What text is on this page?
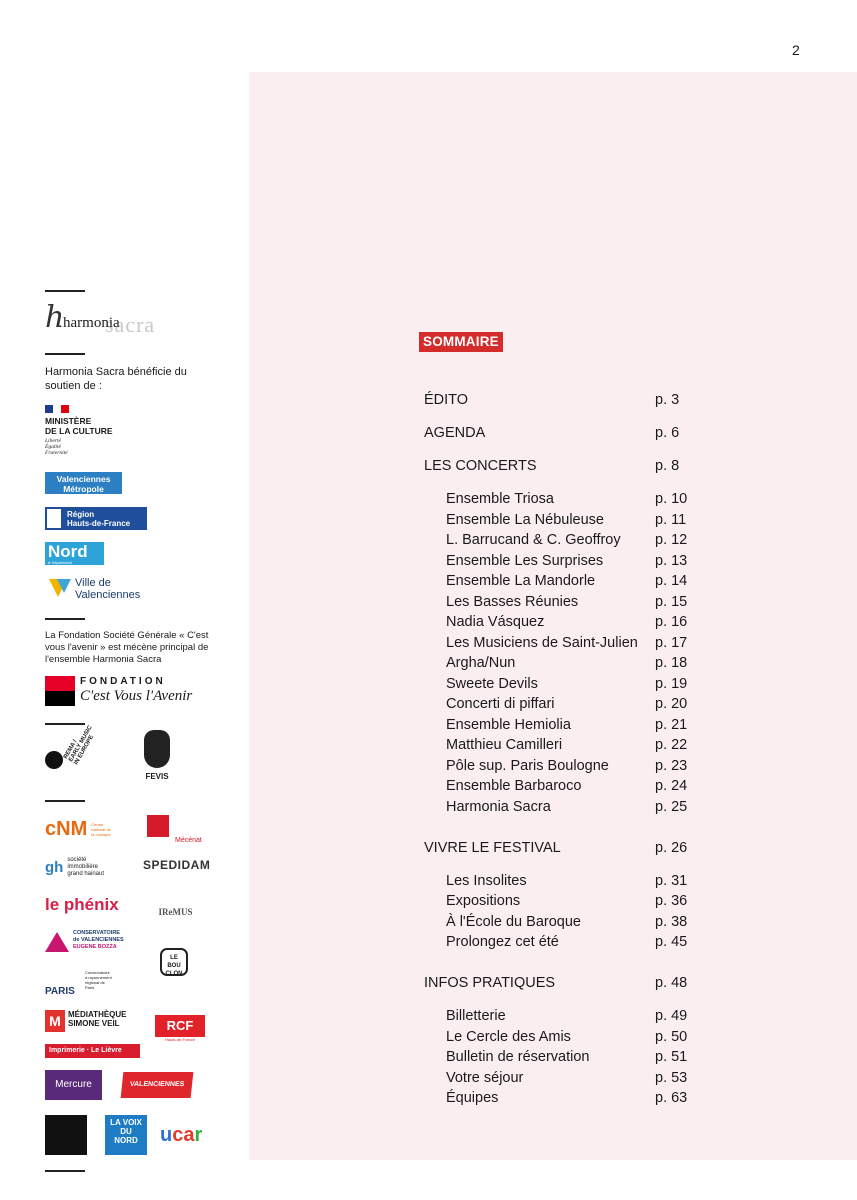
2
sacra
h
harmonia
Harmonia Sacra bénéficie du soutien de :
MINISTÈRE
DE LA CULTURE
Liberté
Égalité
Fraternité
Valenciennes
Métropole
Région
Hauts-de-France
Nord
le Département
Ville de
Valenciennes
La Fondation Société Générale « C'est vous l'avenir » est mécène principal de l'ensemble Harmonia Sacra
FONDATION
C'est Vous l'Avenir
REMA / EARLY MUSIC
IN EUROPE
FEVIS
cNM Centre
national de
la musique
Mécénat
gh société
immobilière
grand hainaut
SPEDIDAM
le phénix	IReMUS
CONSERVATOIRE
de VALENCIENNES
EUGENE BOZZA
LE
BOU
CLON
PARIS
Conservatoire
à rayonnement
régional de
Paris
M MÉDIATHÈQUE
SIMONE VEIL	RCF
Hauts-de-France
Imprimerie · Le Lièvre
Mercure	VALENCIENNES
LA VOIX
DU
NORD	ucar
SOMMAIRE
ÉDITO	p. 3
AGENDA	p. 6
LES CONCERTS	p. 8
Ensemble Triosa	p. 10
Ensemble La Nébuleuse	p. 11
L. Barrucand & C. Geoffroy p. 12
Ensemble Les Surprises	p. 13
Ensemble La Mandorle	p. 14
Les Basses Réunies	p. 15
Nadia Vásquez	p. 16
Les Musiciens de Saint-Julien p. 17
Argha/Nun	p. 18
Sweete Devils	p. 19
Concerti di piffari	p. 20
Ensemble Hemiolia	p. 21
Matthieu Camilleri	p. 22
Pôle sup. Paris Boulogne	p. 23
Ensemble Barbaroco	p. 24
Harmonia Sacra	p. 25
VIVRE LE FESTIVAL	p. 26
Les Insolites	p. 31
Expositions	p. 36
À l'École du Baroque	p. 38
Prolongez cet été	p. 45
INFOS PRATIQUES	p. 48
Billetterie	p. 49
Le Cercle des Amis	p. 50
Bulletin de réservation	p. 51
Votre séjour	p. 53
Équipes	p. 63
